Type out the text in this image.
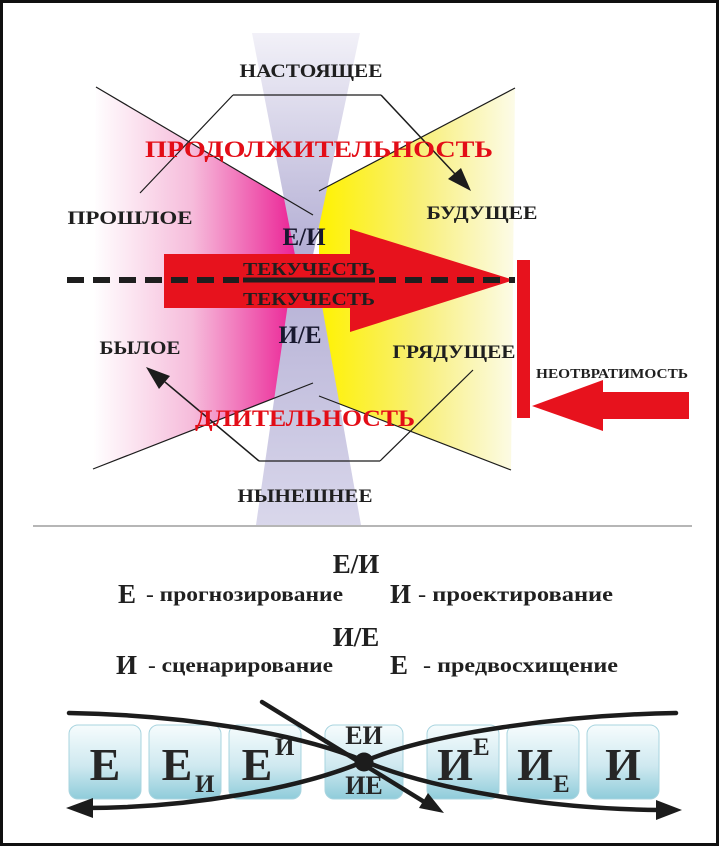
НАСТОЯЩЕЕ
ПРОДОЛЖИТЕЛЬНОСТЬ
ПРОШЛОЕ	БУДУЩЕЕ
Е/И
ТЕКУЧЕСТЬ
ТЕКУЧЕСТЬ
И/Е
БЫЛОЕ	ГРЯДУЩЕЕ
ДЛИТЕЛЬНОСТЬ
НЫНЕШНЕЕ
НЕОТВРАТИМОСТЬ
Е/И
Е - прогнозирование И - проектирование
И/Е
И - сценарирование Е - предвосхищение
Е Е И Е И ЕИ
ИЕ И Е И Е И
